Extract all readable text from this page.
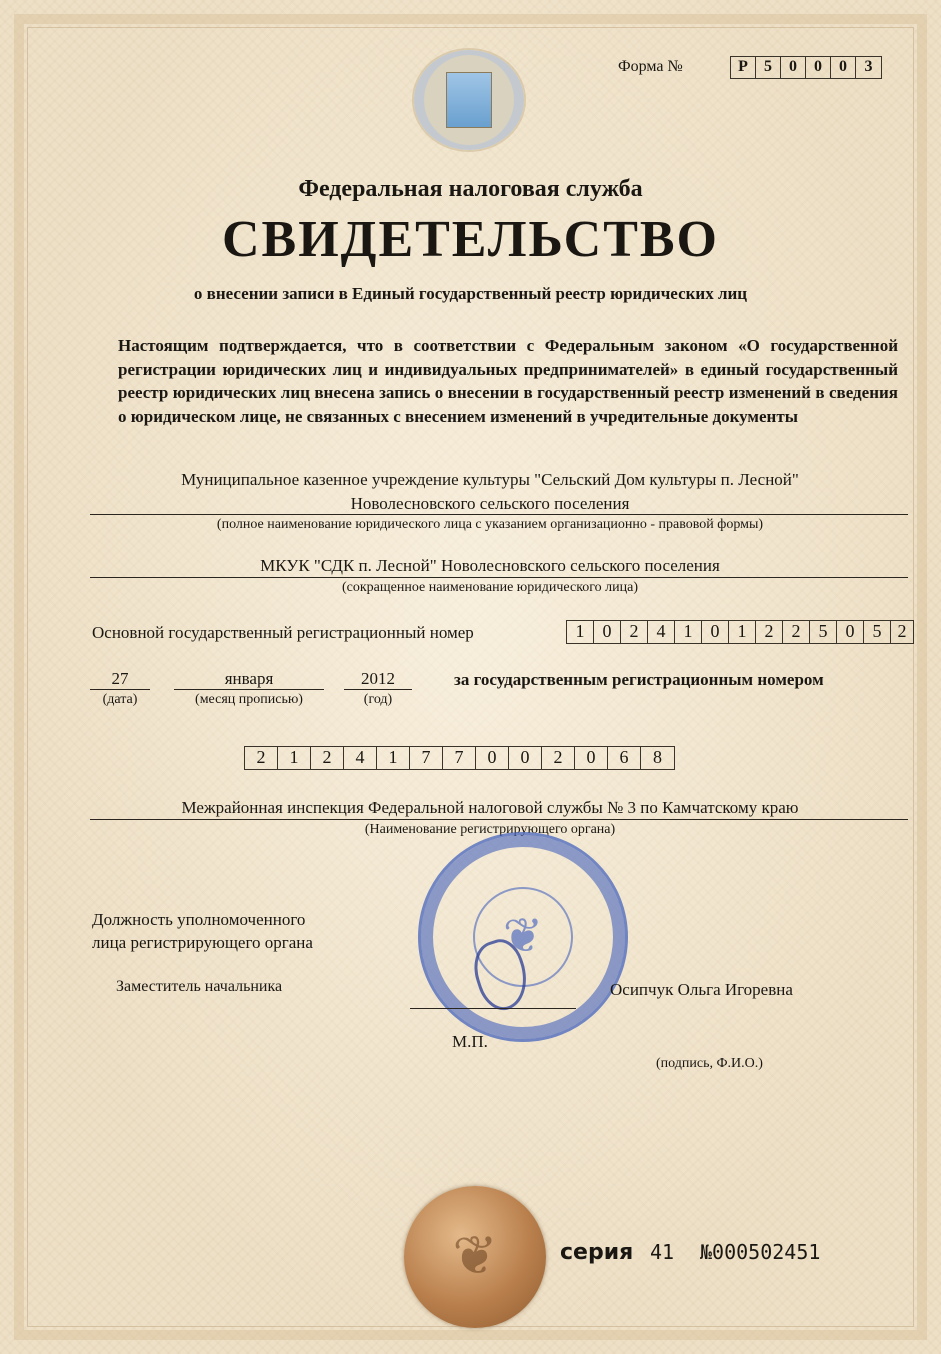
Форма №	Р	5	0	0	0	3
Федеральная налоговая служба
СВИДЕТЕЛЬСТВО
о внесении записи в Единый государственный реестр юридических лиц
Настоящим подтверждается, что в соответствии с Федеральным законом «О государственной регистрации юридических лиц и индивидуальных предпринимателей» в единый государственный реестр юридических лиц внесена запись о внесении в государственный реестр изменений в сведения о юридическом лице, не связанных с внесением изменений в учредительные документы
Муниципальное казенное учреждение культуры "Сельский Дом культуры п. Лесной"
Новолесновского сельского поселения
(полное наименование юридического лица с указанием организационно - правовой формы)
МКУК "СДК п. Лесной" Новолесновского сельского поселения
(сокращенное наименование юридического лица)
Основной государственный регистрационный номер	1	0	2	4	1	0	1	2	2	5	0	5 2
27
(дата)
января
(месяц прописью)
2012
(год)
за государственным регистрационным номером
2	1	2	4	1	7	7	0	0	2	0	6	8
Межрайонная инспекция Федеральной налоговой службы № 3 по Камчатскому краю
(Наименование регистрирующего органа)
❦
Должность уполномоченного
лица регистрирующего органа
Заместитель начальника	Осипчук Ольга Игоревна
М.П.
(подпись, Ф.И.О.)
❦	серия 41 №000502451
